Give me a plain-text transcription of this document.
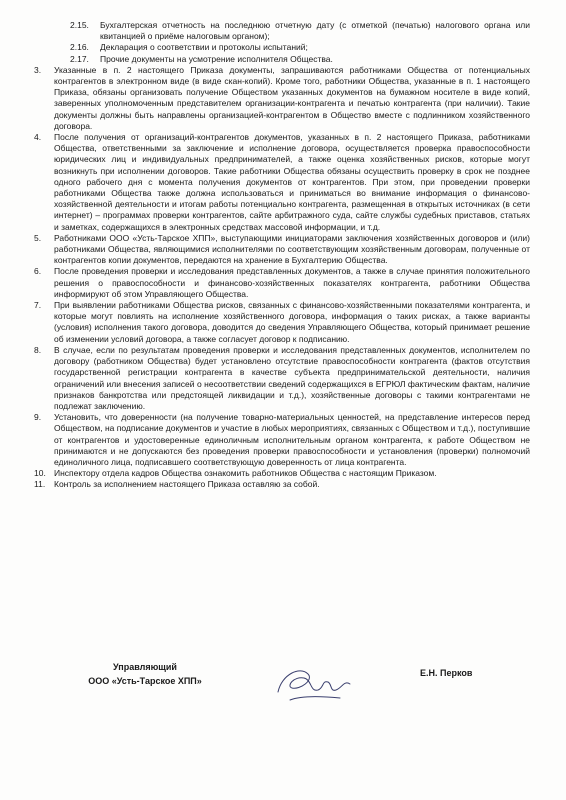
2.15.	Бухгалтерская отчетность на последнюю отчетную дату (с отметкой (печатью) налогового органа или квитанцией о приёме налоговым органом);
2.16.	Декларация о соответствии и протоколы испытаний;
2.17.	Прочие документы на усмотрение исполнителя Общества.
3.	Указанные в п. 2 настоящего Приказа документы, запрашиваются работниками Общества от потенциальных контрагентов в электронном виде (в виде скан-копий). Кроме того, работники Общества, указанные в п. 1 настоящего Приказа, обязаны организовать получение Обществом указанных документов на бумажном носителе в виде копий, заверенных уполномоченным представителем организации-контрагента и печатью контрагента (при наличии). Такие документы должны быть направлены организацией-контрагентом в Общество вместе с подлинником хозяйственного договора.
4.	После получения от организаций-контрагентов документов, указанных в п. 2 настоящего Приказа, работниками Общества, ответственными за заключение и исполнение договора, осуществляется проверка правоспособности юридических лиц и индивидуальных предпринимателей, а также оценка хозяйственных рисков, которые могут возникнуть при исполнении договоров. Такие работники Общества обязаны осуществить проверку в срок не позднее одного рабочего дня с момента получения документов от контрагентов. При этом, при проведении проверки работниками Общества также должна использоваться и приниматься во внимание информация о финансово-хозяйственной деятельности и итогам работы потенциально контрагента, размещенная в открытых источниках (в сети интернет) – программах проверки контрагентов, сайте арбитражного суда, сайте службы судебных приставов, статьях и заметках, содержащихся в электронных средствах массовой информации, и т.д.
5.	Работниками ООО «Усть-Тарское ХПП», выступающими инициаторами заключения хозяйственных договоров и (или) работниками Общества, являющимися исполнителями по соответствующим хозяйственным договорам, полученные от контрагентов копии документов, передаются на хранение в Бухгалтерию Общества.
6.	После проведения проверки и исследования представленных документов, а также в случае принятия положительного решения о правоспособности и финансово-хозяйственных показателях контрагента, работники Общества информируют об этом Управляющего Общества.
7.	При выявлении работниками Общества рисков, связанных с финансово-хозяйственными показателями контрагента, и которые могут повлиять на исполнение хозяйственного договора, информация о таких рисках, а также варианты (условия) исполнения такого договора, доводится до сведения Управляющего Общества, который принимает решение об изменении условий договора, а также согласует договор к подписанию.
8.	В случае, если по результатам проведения проверки и исследования представленных документов, исполнителем по договору (работником Общества) будет установлено отсутствие правоспособности контрагента (фактов отсутствия государственной регистрации контрагента в качестве субъекта предпринимательской деятельности, наличия ограничений или внесения записей о несоответствии сведений содержащихся в ЕГРЮЛ фактическим фактам, наличие признаков банкротства или предстоящей ликвидации и т.д.), хозяйственные договоры с такими контрагентами не подлежат заключению.
9.	Установить, что доверенности (на получение товарно-материальных ценностей, на представление интересов перед Обществом, на подписание документов и участие в любых мероприятиях, связанных с Обществом и т.д.), поступившие от контрагентов и удостоверенные единоличным исполнительным органом контрагента, к работе Обществом не принимаются и не допускаются без проведения проверки правоспособности и установления (проверки) полномочий единоличного лица, подписавшего соответствующую доверенность от лица контрагента.
10. Инспектору отдела кадров Общества ознакомить работников Общества с настоящим Приказом.
11.	Контроль за исполнением настоящего Приказа оставляю за собой.
Управляющий
ООО «Усть-Тарское ХПП»
Е.Н. Перков
